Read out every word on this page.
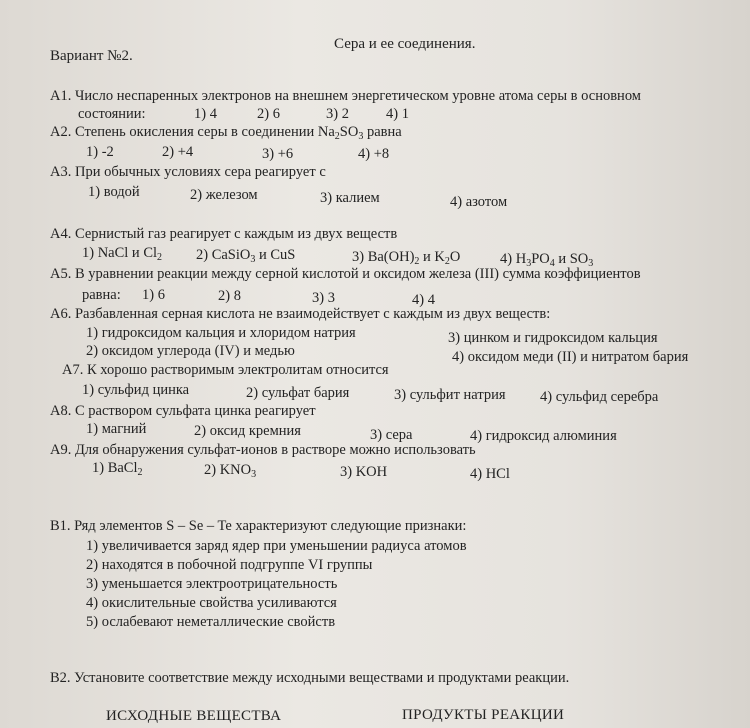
Сера и ее соединения.
Вариант №2.
А1. Число неспаренных электронов на внешнем энергетическом уровне атома серы в основном
состоянии:	1) 4	2) 6	3) 2	4) 1
А2. Степень окисления серы в соединении $Na_2SO_3$ равна
1) -2	2) +4	3) +6	4) +8
А3. При обычных условиях сера реагирует с
1) водой	2) железом	3) калием	4) азотом
А4. Сернистый газ реагирует с каждым из двух веществ
1) NaCl и $Cl_2$ 2) CaSiO$_3$ и CuS	3) $Ba(OH)_2$ и $K_2O$	4) $H_3PO_4$ и $SO_3$
А5. В уравнении реакции между серной кислотой и оксидом железа (III) сумма коэффициентов
равна: 1) 6	2) 8	3) 3	4) 4
А6. Разбавленная серная кислота не взаимодействует с каждым из двух веществ:
1) гидроксидом кальция и хлоридом натрия	3) цинком и гидроксидом кальция
2) оксидом углерода (IV) и медью	4) оксидом меди (II) и нитратом бария
А7. К хорошо растворимым электролитам относится
1) сульфид цинка	2) сульфат бария	3) сульфит натрия 4) сульфид серебра
А8. С раствором сульфата цинка реагирует
1) магний	2) оксид кремния	3) сера	4) гидроксид алюминия
А9. Для обнаружения сульфат-ионов в растворе можно использовать
1) BaCl$_2$	2) $KNO_3$	3) KOH	4) HCl
В1. Ряд элементов S – Se – Te характеризуют следующие признаки:
1) увеличивается заряд ядер при уменьшении радиуса атомов
2) находятся в побочной подгруппе VI группы
3) уменьшается электроотрицательность
4) окислительные свойства усиливаются
5) ослабевают неметаллические свойств
В2. Установите соответствие между исходными веществами и продуктами реакции.
ИСХОДНЫЕ ВЕЩЕСТВА	ПРОДУКТЫ РЕАКЦИИ
